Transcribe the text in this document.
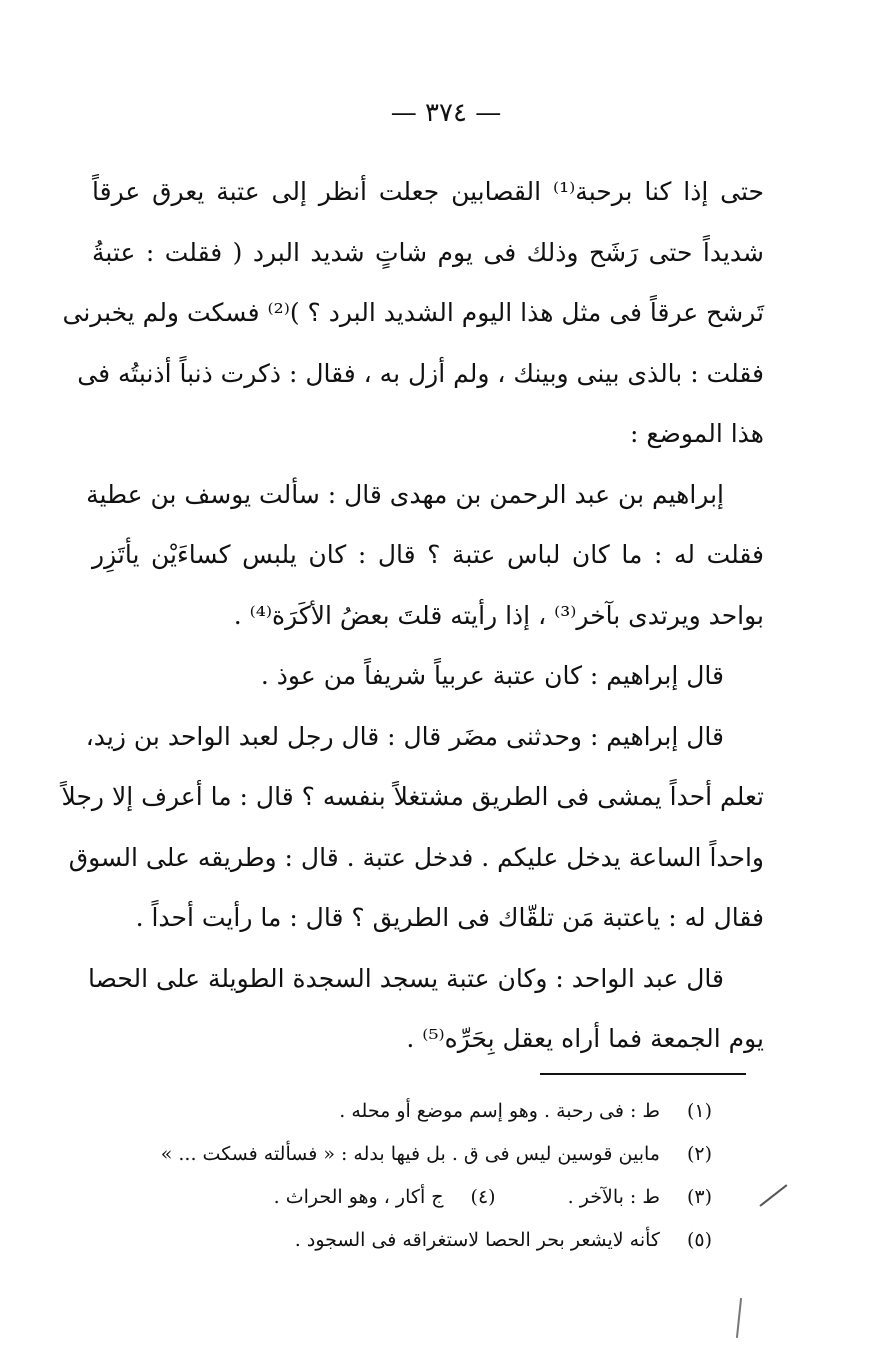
— ٣٧٤ —
حتى إذا كنا برحبة⁽¹⁾ القصابين جعلت أنظر إلى عتبة يعرق عرقاً
شديداً حتى رَشَح وذلك فى يوم شاتٍ شديد البرد ( فقلت : عتبةُ
تَرشح عرقاً فى مثل هذا اليوم الشديد البرد ؟ )⁽²⁾ فسكت ولم يخبرنى
فقلت : بالذى بينى وبينك ، ولم أزل به ، فقال : ذكرت ذنباً أذنبتُه فى
هذا الموضع :
إبراهيم بن عبد الرحمن بن مهدى قال : سألت يوسف بن عطية
فقلت له : ما كان لباس عتبة ؟ قال : كان يلبس كساءَيْن يأتَزِر
بواحد ويرتدى بآخر⁽³⁾ ، إذا رأيته قلتَ بعضُ الأكَرَة⁽⁴⁾ .
قال إبراهيم : كان عتبة عربياً شريفاً من عوذ .
قال إبراهيم : وحدثنى مضَر قال : قال رجل لعبد الواحد بن زيد،
تعلم أحداً يمشى فى الطريق مشتغلاً بنفسه ؟ قال : ما أعرف إلا رجلاً
واحداً الساعة يدخل عليكم . فدخل عتبة . قال : وطريقه على السوق
فقال له : ياعتبة مَن تلقّاك فى الطريق ؟ قال : ما رأيت أحداً .
قال عبد الواحد : وكان عتبة يسجد السجدة الطويلة على الحصا
يوم الجمعة فما أراه يعقل بِحَرِّه⁽⁵⁾ .
(١) ط : فى رحبة . وهو إسم موضع أو محله .
(٢) مابين قوسين ليس فى ق . بل فيها بدله : « فسألته فسكت ... »
(٣) ط : بالآخر .  (٤) ج أكار ، وهو الحراث .
(٥) كأنه لايشعر بحر الحصا لاستغراقه فى السجود .
